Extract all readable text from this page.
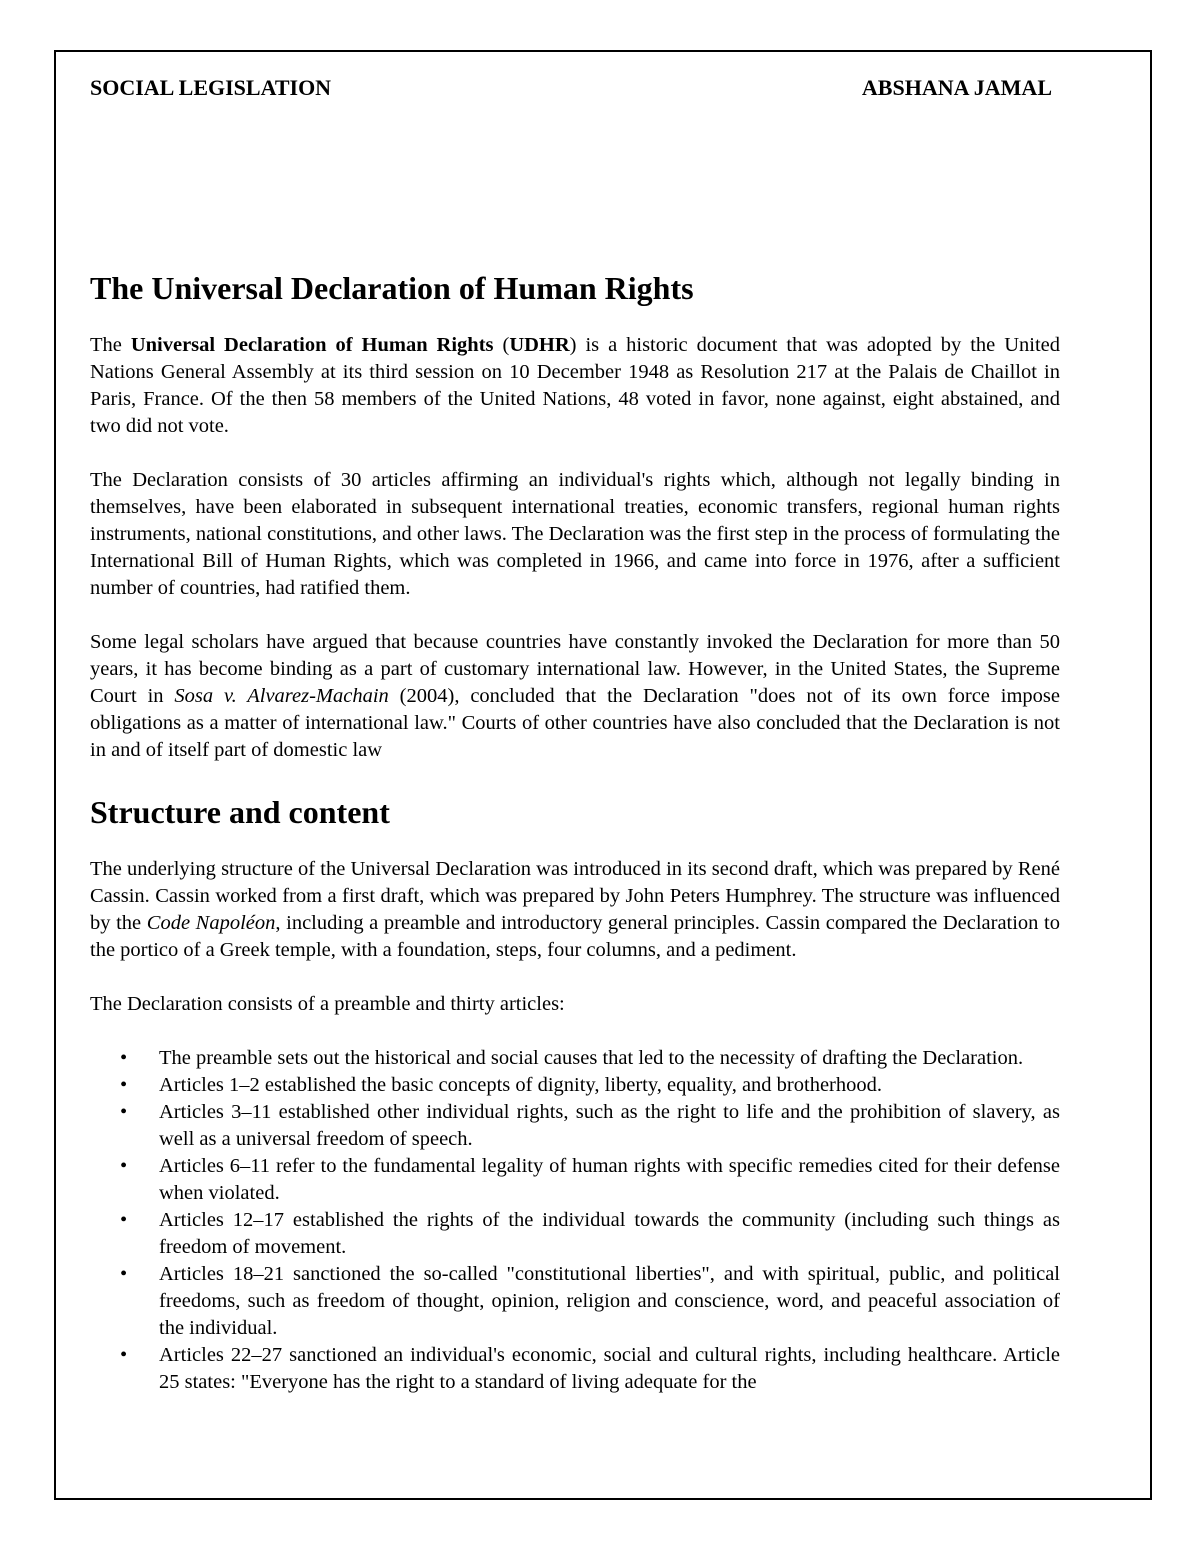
SOCIAL LEGISLATION	ABSHANA JAMAL
The Universal Declaration of Human Rights

The Universal Declaration of Human Rights (UDHR) is a historic document that was adopted by the United Nations General Assembly at its third session on 10 December 1948 as Resolution 217 at the Palais de Chaillot in Paris, France. Of the then 58 members of the United Nations, 48 voted in favor, none against, eight abstained, and two did not vote.

The Declaration consists of 30 articles affirming an individual's rights which, although not legally binding in themselves, have been elaborated in subsequent international treaties, economic transfers, regional human rights instruments, national constitutions, and other laws. The Declaration was the first step in the process of formulating the International Bill of Human Rights, which was completed in 1966, and came into force in 1976, after a sufficient number of countries, had ratified them.

Some legal scholars have argued that because countries have constantly invoked the Declaration for more than 50 years, it has become binding as a part of customary international law. However, in the United States, the Supreme Court in Sosa v. Alvarez-Machain (2004), concluded that the Declaration "does not of its own force impose obligations as a matter of international law." Courts of other countries have also concluded that the Declaration is not in and of itself part of domestic law

Structure and content

The underlying structure of the Universal Declaration was introduced in its second draft, which was prepared by René Cassin. Cassin worked from a first draft, which was prepared by John Peters Humphrey. The structure was influenced by the Code Napoléon, including a preamble and introductory general principles. Cassin compared the Declaration to the portico of a Greek temple, with a foundation, steps, four columns, and a pediment.

The Declaration consists of a preamble and thirty articles:

• The preamble sets out the historical and social causes that led to the necessity of drafting the Declaration.
• Articles 1–2 established the basic concepts of dignity, liberty, equality, and brotherhood.
• Articles 3–11 established other individual rights, such as the right to life and the prohibition of slavery, as well as a universal freedom of speech.
• Articles 6–11 refer to the fundamental legality of human rights with specific remedies cited for their defense when violated.
• Articles 12–17 established the rights of the individual towards the community (including such things as freedom of movement.
• Articles 18–21 sanctioned the so-called "constitutional liberties", and with spiritual, public, and political freedoms, such as freedom of thought, opinion, religion and conscience, word, and peaceful association of the individual.
• Articles 22–27 sanctioned an individual's economic, social and cultural rights, including healthcare. Article 25 states: "Everyone has the right to a standard of living adequate for the
